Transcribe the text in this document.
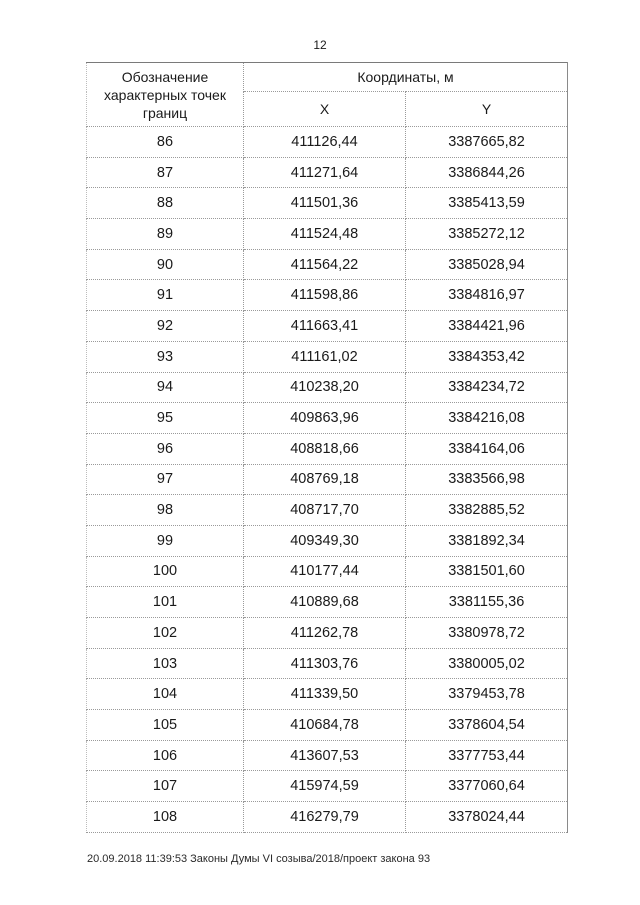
12
Обозначение характерных точек границ	Координаты, м	
	X	Y
86	411126,44	3387665,82
87	411271,64	3386844,26
88	411501,36	3385413,59
89	411524,48	3385272,12
90	411564,22	3385028,94
91	411598,86	3384816,97
92	411663,41	3384421,96
93	411161,02	3384353,42
94	410238,20	3384234,72
95	409863,96	3384216,08
96	408818,66	3384164,06
97	408769,18	3383566,98
98	408717,70	3382885,52
99	409349,30	3381892,34
100	410177,44	3381501,60
101	410889,68	3381155,36
102	411262,78	3380978,72
103	411303,76	3380005,02
104	411339,50	3379453,78
105	410684,78	3378604,54
106	413607,53	3377753,44
107	415974,59	3377060,64
108	416279,79	3378024,44
20.09.2018 11:39:53 Законы Думы VI созыва/2018/проект закона 93
